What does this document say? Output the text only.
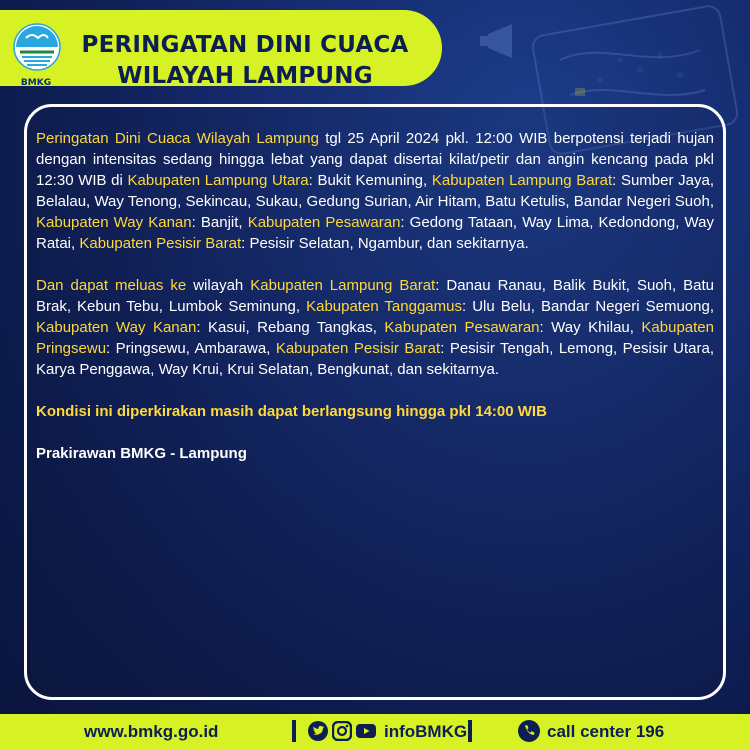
BMKG
PERINGATAN DINI CUACA
WILAYAH LAMPUNG

Peringatan Dini Cuaca Wilayah Lampung tgl 25 April 2024 pkl. 12:00 WIB berpotensi terjadi hujan dengan intensitas sedang hingga lebat yang dapat disertai kilat/petir dan angin kencang pada pkl 12:30 WIB di Kabupaten Lampung Utara: Bukit Kemuning, Kabupaten Lampung Barat: Sumber Jaya, Belalau, Way Tenong, Sekincau, Sukau, Gedung Surian, Air Hitam, Batu Ketulis, Bandar Negeri Suoh, Kabupaten Way Kanan: Banjit, Kabupaten Pesawaran: Gedong Tataan, Way Lima, Kedondong, Way Ratai, Kabupaten Pesisir Barat: Pesisir Selatan, Ngambur, dan sekitarnya.

Dan dapat meluas ke wilayah Kabupaten Lampung Barat: Danau Ranau, Balik Bukit, Suoh, Batu Brak, Kebun Tebu, Lumbok Seminung, Kabupaten Tanggamus: Ulu Belu, Bandar Negeri Semuong, Kabupaten Way Kanan: Kasui, Rebang Tangkas, Kabupaten Pesawaran: Way Khilau, Kabupaten Pringsewu: Pringsewu, Ambarawa, Kabupaten Pesisir Barat: Pesisir Tengah, Lemong, Pesisir Utara, Karya Penggawa, Way Krui, Krui Selatan, Bengkunat, dan sekitarnya.

Kondisi ini diperkirakan masih dapat berlangsung hingga pkl 14:00 WIB

Prakirawan BMKG - Lampung

www.bmkg.go.id	infoBMKG	call center 196
